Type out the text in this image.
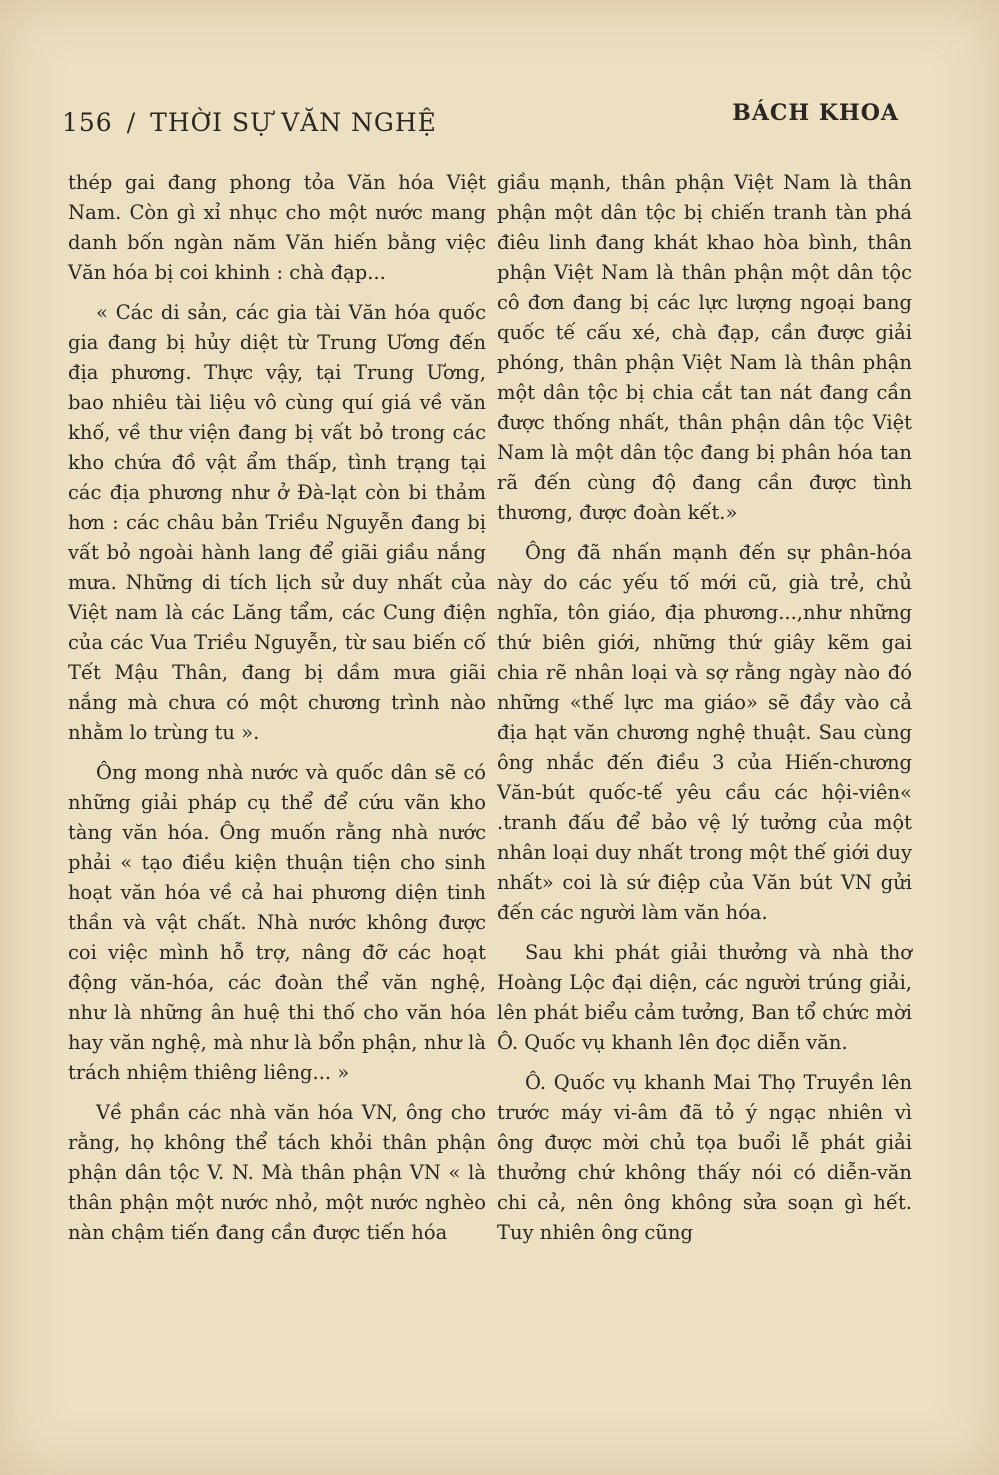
156 / THỜI SỰ VĂN NGHỆ	BÁCH KHOA

thép gai đang phong tỏa Văn hóa Việt Nam. Còn gì xỉ nhục cho một nước mang danh bốn ngàn năm Văn hiến bằng việc Văn hóa bị coi khinh : chà đạp...

« Các di sản, các gia tài Văn hóa quốc gia đang bị hủy diệt từ Trung Ương đến địa phương. Thực vậy, tại Trung Ương, bao nhiêu tài liệu vô cùng quí giá về văn khố, về thư viện đang bị vất bỏ trong các kho chứa đồ vật ẩm thấp, tình trạng tại các địa phương như ở Đà-lạt còn bi thảm hơn : các châu bản Triều Nguyễn đang bị vất bỏ ngoài hành lang để giãi giầu nắng mưa. Những di tích lịch sử duy nhất của Việt nam là các Lăng tẩm, các Cung điện của các Vua Triều Nguyễn, từ sau biến cố Tết Mậu Thân, đang bị dầm mưa giãi nắng mà chưa có một chương trình nào nhằm lo trùng tu ».

Ông mong nhà nước và quốc dân sẽ có những giải pháp cụ thể để cứu vãn kho tàng văn hóa. Ông muốn rằng nhà nước phải « tạo điều kiện thuận tiện cho sinh hoạt văn hóa về cả hai phương diện tinh thần và vật chất. Nhà nước không được coi việc mình hỗ trợ, nâng đỡ các hoạt động văn-hóa, các đoàn thể văn nghệ, như là những ân huệ thi thố cho văn hóa hay văn nghệ, mà như là bổn phận, như là trách nhiệm thiêng liêng... »

Về phần các nhà văn hóa VN, ông cho rằng, họ không thể tách khỏi thân phận phận dân tộc V. N. Mà thân phận VN « là thân phận một nước nhỏ, một nước nghèo nàn chậm tiến đang cần được tiến hóa

giầu mạnh, thân phận Việt Nam là thân phận một dân tộc bị chiến tranh tàn phá điêu linh đang khát khao hòa bình, thân phận Việt Nam là thân phận một dân tộc cô đơn đang bị các lực lượng ngoại bang quốc tế cấu xé, chà đạp, cần được giải phóng, thân phận Việt Nam là thân phận một dân tộc bị chia cắt tan nát đang cần được thống nhất, thân phận dân tộc Việt Nam là một dân tộc đang bị phân hóa tan rã đến cùng độ đang cần được tình thương, được đoàn kết.»

Ông đã nhấn mạnh đến sự phân-hóa này do các yếu tố mới cũ, già trẻ, chủ nghĩa, tôn giáo, địa phương...,như những thứ biên giới, những thứ giây kẽm gai chia rẽ nhân loại và sợ rằng ngày nào đó những «thế lực ma giáo» sẽ đầy vào cả địa hạt văn chương nghệ thuật. Sau cùng ông nhắc đến điều 3 của Hiến-chương Văn-bút quốc-tế yêu cầu các hội-viên« .tranh đấu để bảo vệ lý tưởng của một nhân loại duy nhất trong một thế giới duy nhất» coi là sứ điệp của Văn bút VN gửi đến các người làm văn hóa.

Sau khi phát giải thưởng và nhà thơ Hoàng Lộc đại diện, các người trúng giải, lên phát biểu cảm tưởng, Ban tổ chức mời Ô. Quốc vụ khanh lên đọc diễn văn.

Ô. Quốc vụ khanh Mai Thọ Truyền lên trước máy vi-âm đã tỏ ý ngạc nhiên vì ông được mời chủ tọa buổi lễ phát giải thưởng chứ không thấy nói có diễn-văn chi cả, nên ông không sửa soạn gì hết. Tuy nhiên ông cũng
